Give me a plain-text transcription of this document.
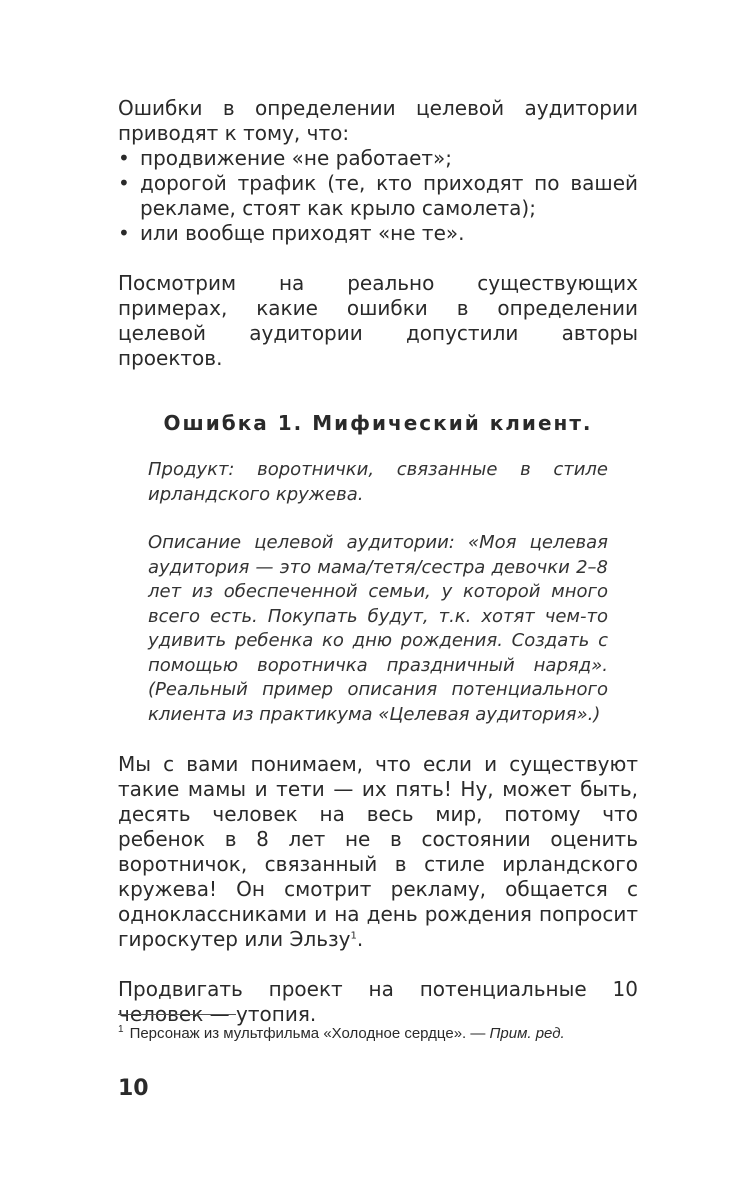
Ошибки в определении целевой аудитории приводят к тому, что:

• продвижение «не работает»;
• дорогой трафик (те, кто приходят по вашей рекламе, стоят как крыло самолета);
• или вообще приходят «не те».

Посмотрим на реально существующих примерах, какие ошибки в определении целевой аудитории допустили авторы проектов.

Ошибка 1. Мифический клиент.

Продукт: воротнички, связанные в стиле ирландского кружева.

Описание целевой аудитории: «Моя целевая аудитория — это мама/тетя/сестра девочки 2–8 лет из обеспеченной семьи, у которой много всего есть. Покупать будут, т.к. хотят чем-то удивить ребенка ко дню рождения. Создать с помощью воротничка праздничный наряд». (Реальный пример описания потенциального клиента из практикума «Целевая аудитория».)

Мы с вами понимаем, что если и существуют такие мамы и тети — их пять! Ну, может быть, десять человек на весь мир, потому что ребенок в 8 лет не в состоянии оценить воротничок, связанный в стиле ирландского кружева! Он смотрит рекламу, общается с одноклассниками и на день рождения попросит гироскутер или Эльзу$^1$.

Продвигать проект на потенциальные 10 человек — утопия.

$^1$ Персонаж из мультфильма «Холодное сердце». — Прим. ред.
10
